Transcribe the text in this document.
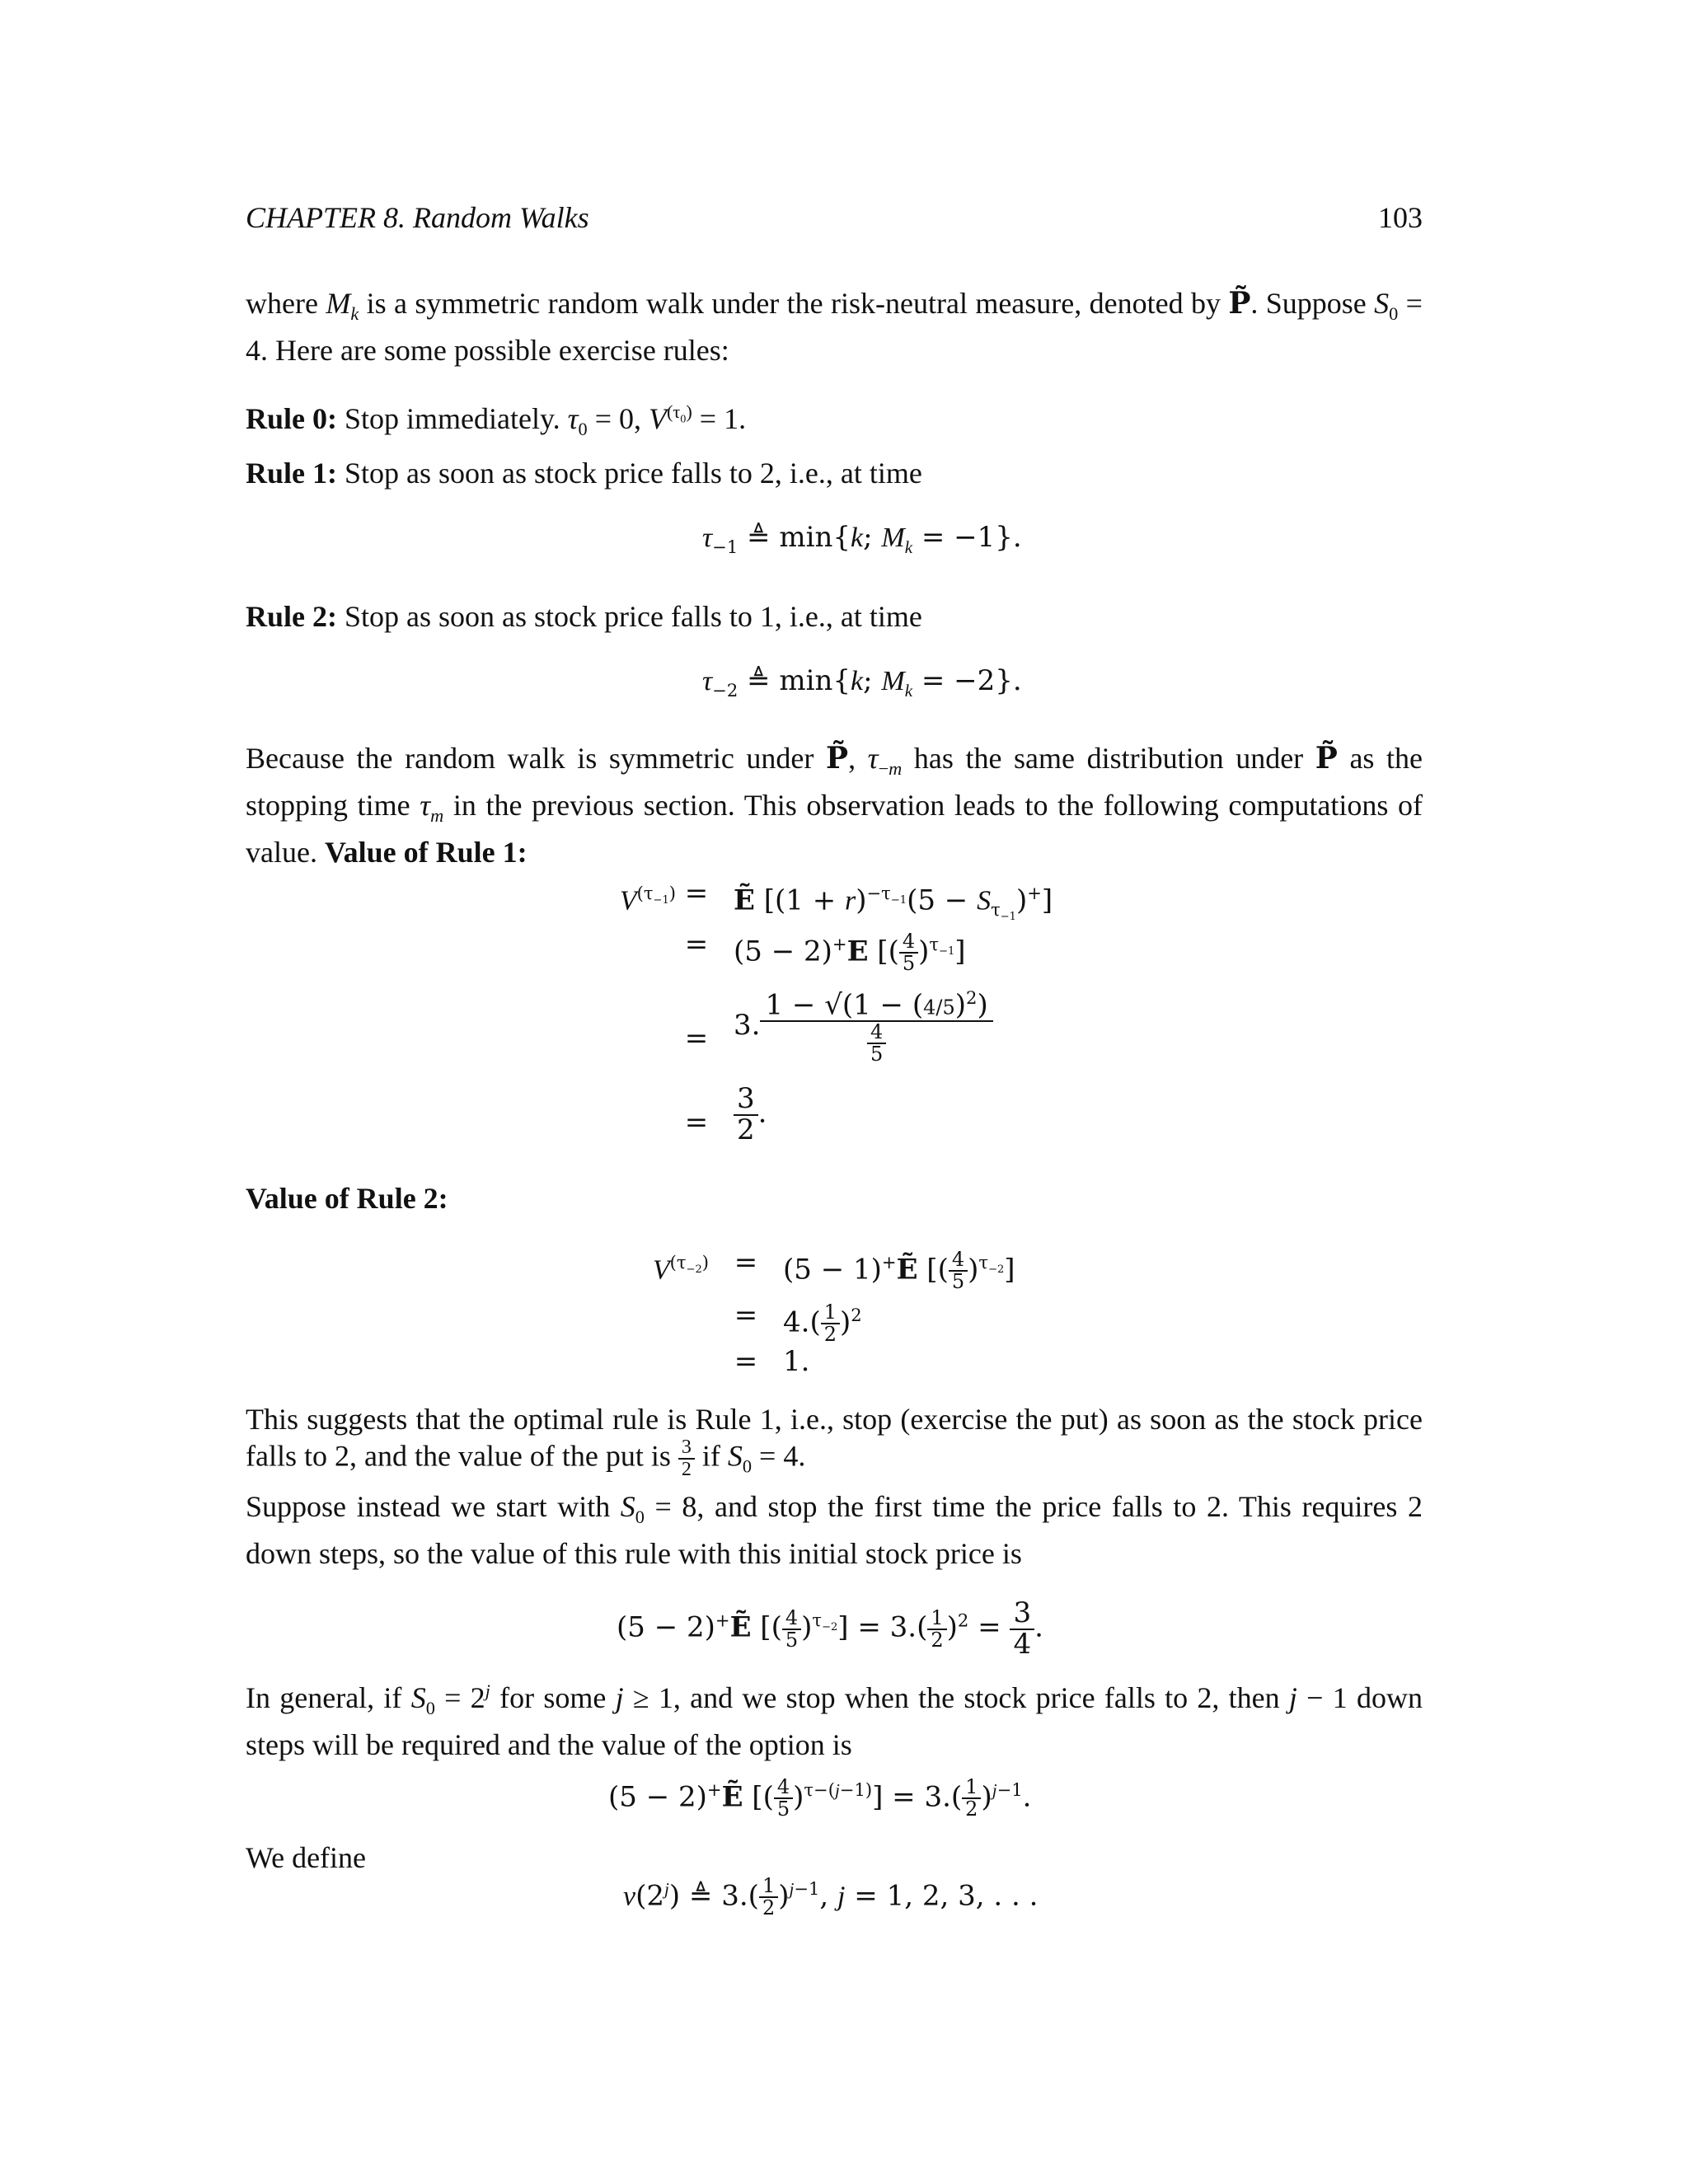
CHAPTER 8. Random Walks	103
where $M_k$ is a symmetric random walk under the risk-neutral measure, denoted by P̃. Suppose $S_0 = 4$. Here are some possible exercise rules:
Rule 0: Stop immediately. $\tau_0 = 0$, $V^{(\tau_0)} = 1$.
Rule 1: Stop as soon as stock price falls to 2, i.e., at time
$\tau_{-1}$ ≜ min{k; $M_k = -1$}.
Rule 2: Stop as soon as stock price falls to 1, i.e., at time
$\tau_{-2}$ ≜ min{k; $M_k = -2$}.
Because the random walk is symmetric under P̃, $\tau_{-m}$ has the same distribution under P̃ as the stopping time $\tau_m$ in the previous section. This observation leads to the following computations of value. Value of Rule 1:
$V^{(\tau_{-1})}$ = Ẽ $[(1 + r)^{-\tau_{-1}}(5 - S_{\tau_{-1}})^+]$
= (5 − 2)+E [( $\frac{4}{5} )^{\tau_{-1}}$]
= 3. $\frac{1 - √(1 - (4/5)^2)}{\frac{4}{5}}$
= $\frac{3}{2}$ .
Value of Rule 2:
$V^{(\tau_{-2})} = (5$ − 1)+Ẽ [( $\frac{4}{5} )^{\tau_{-2}}$]
= $4.( \frac{1}{2} )^2$
= 1.
This suggests that the optimal rule is Rule 1, i.e., stop (exercise the put) as soon as the stock price falls to 2, and the value of the put is $\frac{3}{2}$ if $S_0 = 4$.
Suppose instead we start with $S_0 = 8$, and stop the first time the price falls to 2. This requires 2 down steps, so the value of this rule with this initial stock price is
(5 − 2)+Ẽ [( $\frac{4}{5} )^{\tau_{-2}}] = 3.( \frac{1}{2} )^2 = \frac{3}{4}$ .
In general, if $S_0 = 2^j$ for some j ≥ 1, and we stop when the stock price falls to 2, then j − 1 down steps will be required and the value of the option is
(5 − 2)+Ẽ [( $\frac{4}{5} )^{\tau-(j-1)}] = 3.( \frac{1}{2} )^{j-1}$.
We define
v(2$^j$) ≜ $3.( \frac{1}{2} )^{j-1}$, j = 1, 2, 3, . . .
